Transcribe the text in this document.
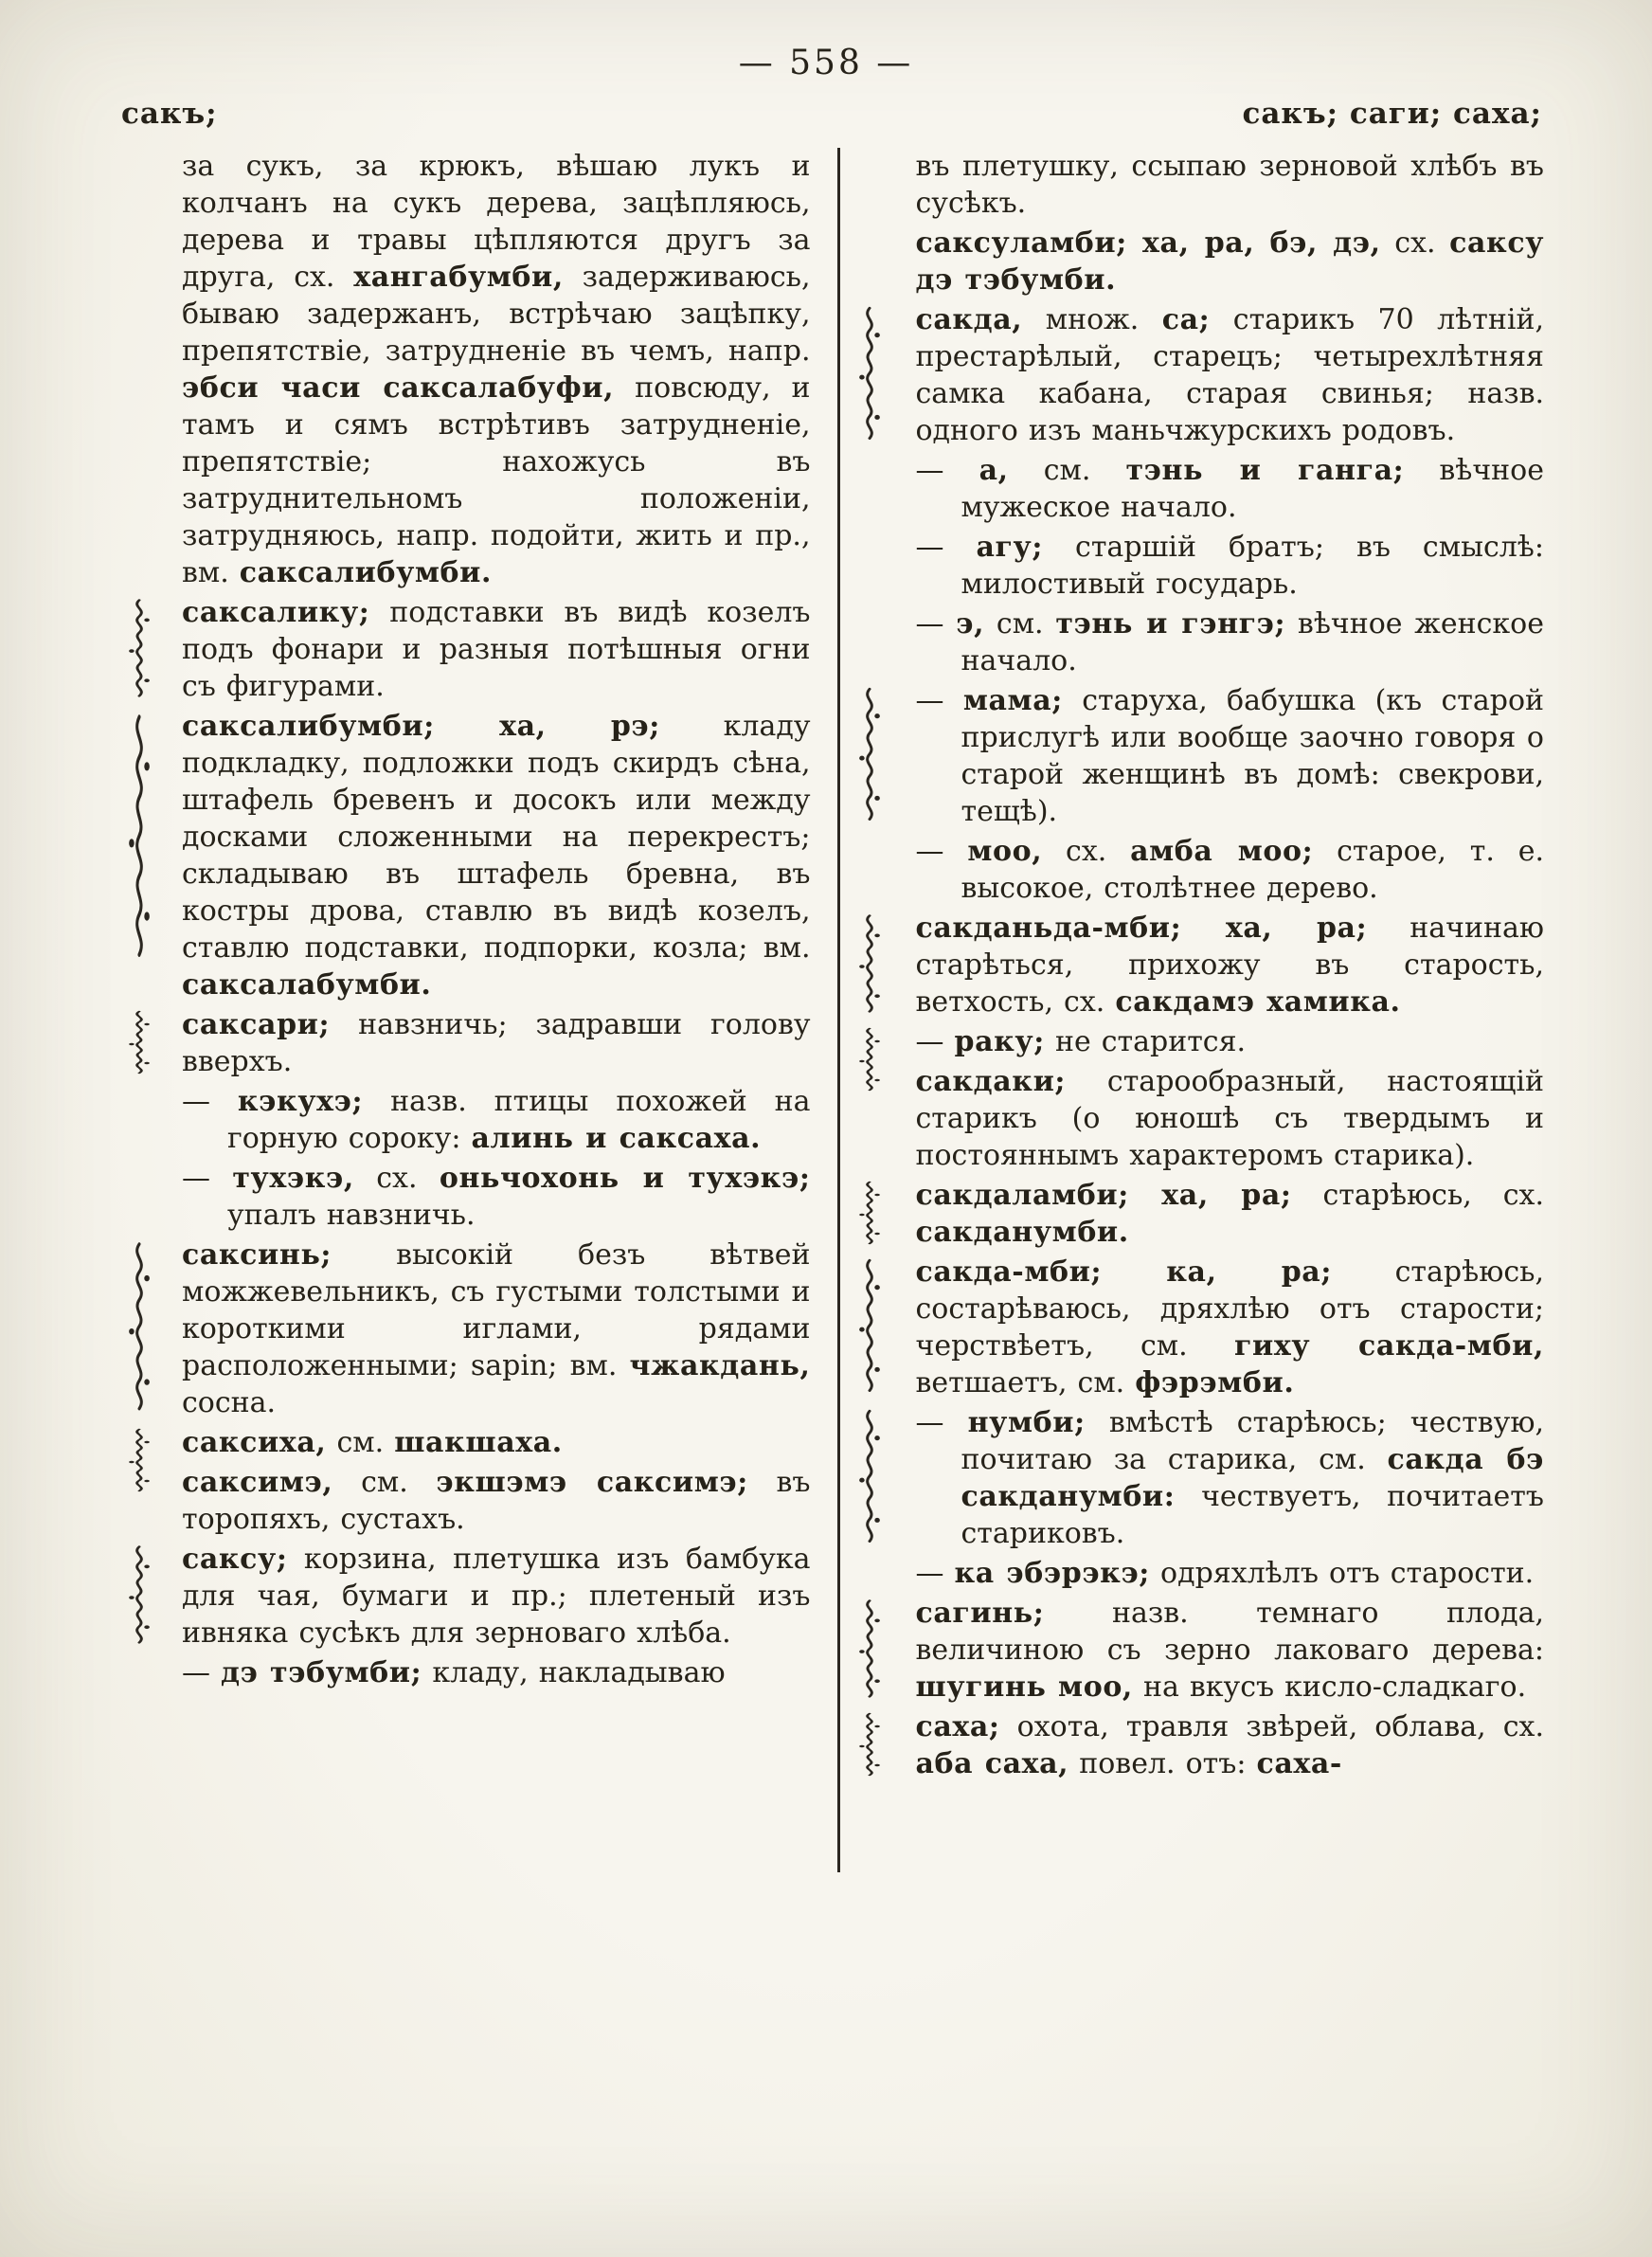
— 558 —
сакъ;	сакъ; саги; саха;
за сукъ, за крюкъ, вѣшаю лукъ и колчанъ на сукъ дерева, зацѣпляюсь, дерева и травы цѣпляются другъ за друга, сх. хангабумби, задерживаюсь, бываю задержанъ, встрѣчаю зацѣпку, препятствіе, затрудненіе въ чемъ, напр. эбси часи саксалабуфи, повсюду, и тамъ и сямъ встрѣтивъ затрудненіе, препятствіе; нахожусь въ затруднительномъ положеніи, затрудняюсь, напр. подойти, жить и пр., вм. саксалибумби.
саксалику; подставки въ видѣ козелъ подъ фонари и разныя потѣшныя огни съ фигурами.
саксалибумби; ха, рэ; кладу подкладку, подложки подъ скирдъ сѣна, штафель бревенъ и досокъ или между досками сложенными на перекрестъ; складываю въ штафель бревна, въ костры дрова, ставлю въ видѣ козелъ, ставлю подставки, подпорки, козла; вм. саксалабумби.
саксари; навзничь; задравши голову вверхъ.
— кэкухэ; назв. птицы похожей на горную сороку: алинь и саксаха.
— тухэкэ, сх. оньчохонь и тухэкэ; упалъ навзничь.
саксинь; высокій безъ вѣтвей можжевельникъ, съ густыми толстыми и короткими иглами, рядами расположенными; sapin; вм. чжакдань, сосна.
саксиха, см. шакшаха.
саксимэ, см. экшэмэ саксимэ; въ торопяхъ, сустахъ.
саксу; корзина, плетушка изъ бамбука для чая, бумаги и пр.; плетеный изъ ивняка сусѣкъ для зерноваго хлѣба.
— дэ тэбумби; кладу, накладываю
въ плетушку, ссыпаю зерновой хлѣбъ въ сусѣкъ.
саксуламби; ха, ра, бэ, дэ, сх. саксу дэ тэбумби.
сакда, множ. са; старикъ 70 лѣтній, престарѣлый, старецъ; четырехлѣтняя самка кабана, старая свинья; назв. одного изъ маньчжурскихъ родовъ.
— а, см. тэнь и ганга; вѣчное мужеское начало.
— агу; старшій братъ; въ смыслѣ: милостивый государь.
— э, см. тэнь и гэнгэ; вѣчное женское начало.
— мама; старуха, бабушка (къ старой прислугѣ или вообще заочно говоря о старой женщинѣ въ домѣ: свекрови, тещѣ).
— моо, сх. амба моо; старое, т. е. высокое, столѣтнее дерево.
сакданьда-мби; ха, ра; начинаю старѣться, прихожу въ старость, ветхость, сх. сакдамэ хамика.
— раку; не старится.
сакдаки; старообразный, настоящій старикъ (о юношѣ съ твердымъ и постояннымъ характеромъ старика).
сакдаламби; ха, ра; старѣюсь, сх. сакданумби.
сакда-мби; ка, ра; старѣюсь, состарѣваюсь, дряхлѣю отъ старости; черствѣетъ, см. гиху сакда-мби, ветшаетъ, см. фэрэмби.
— нумби; вмѣстѣ старѣюсь; чествую, почитаю за старика, см. сакда бэ сакданумби: чествуетъ, почитаетъ стариковъ.
— ка эбэрэкэ; одряхлѣлъ отъ старости.
сагинь; назв. темнаго плода, величиною съ зерно лаковаго дерева: шугинь моо, на вкусъ кисло-сладкаго.
саха; охота, травля звѣрей, облава, сх. аба саха, повел. отъ: саха-
